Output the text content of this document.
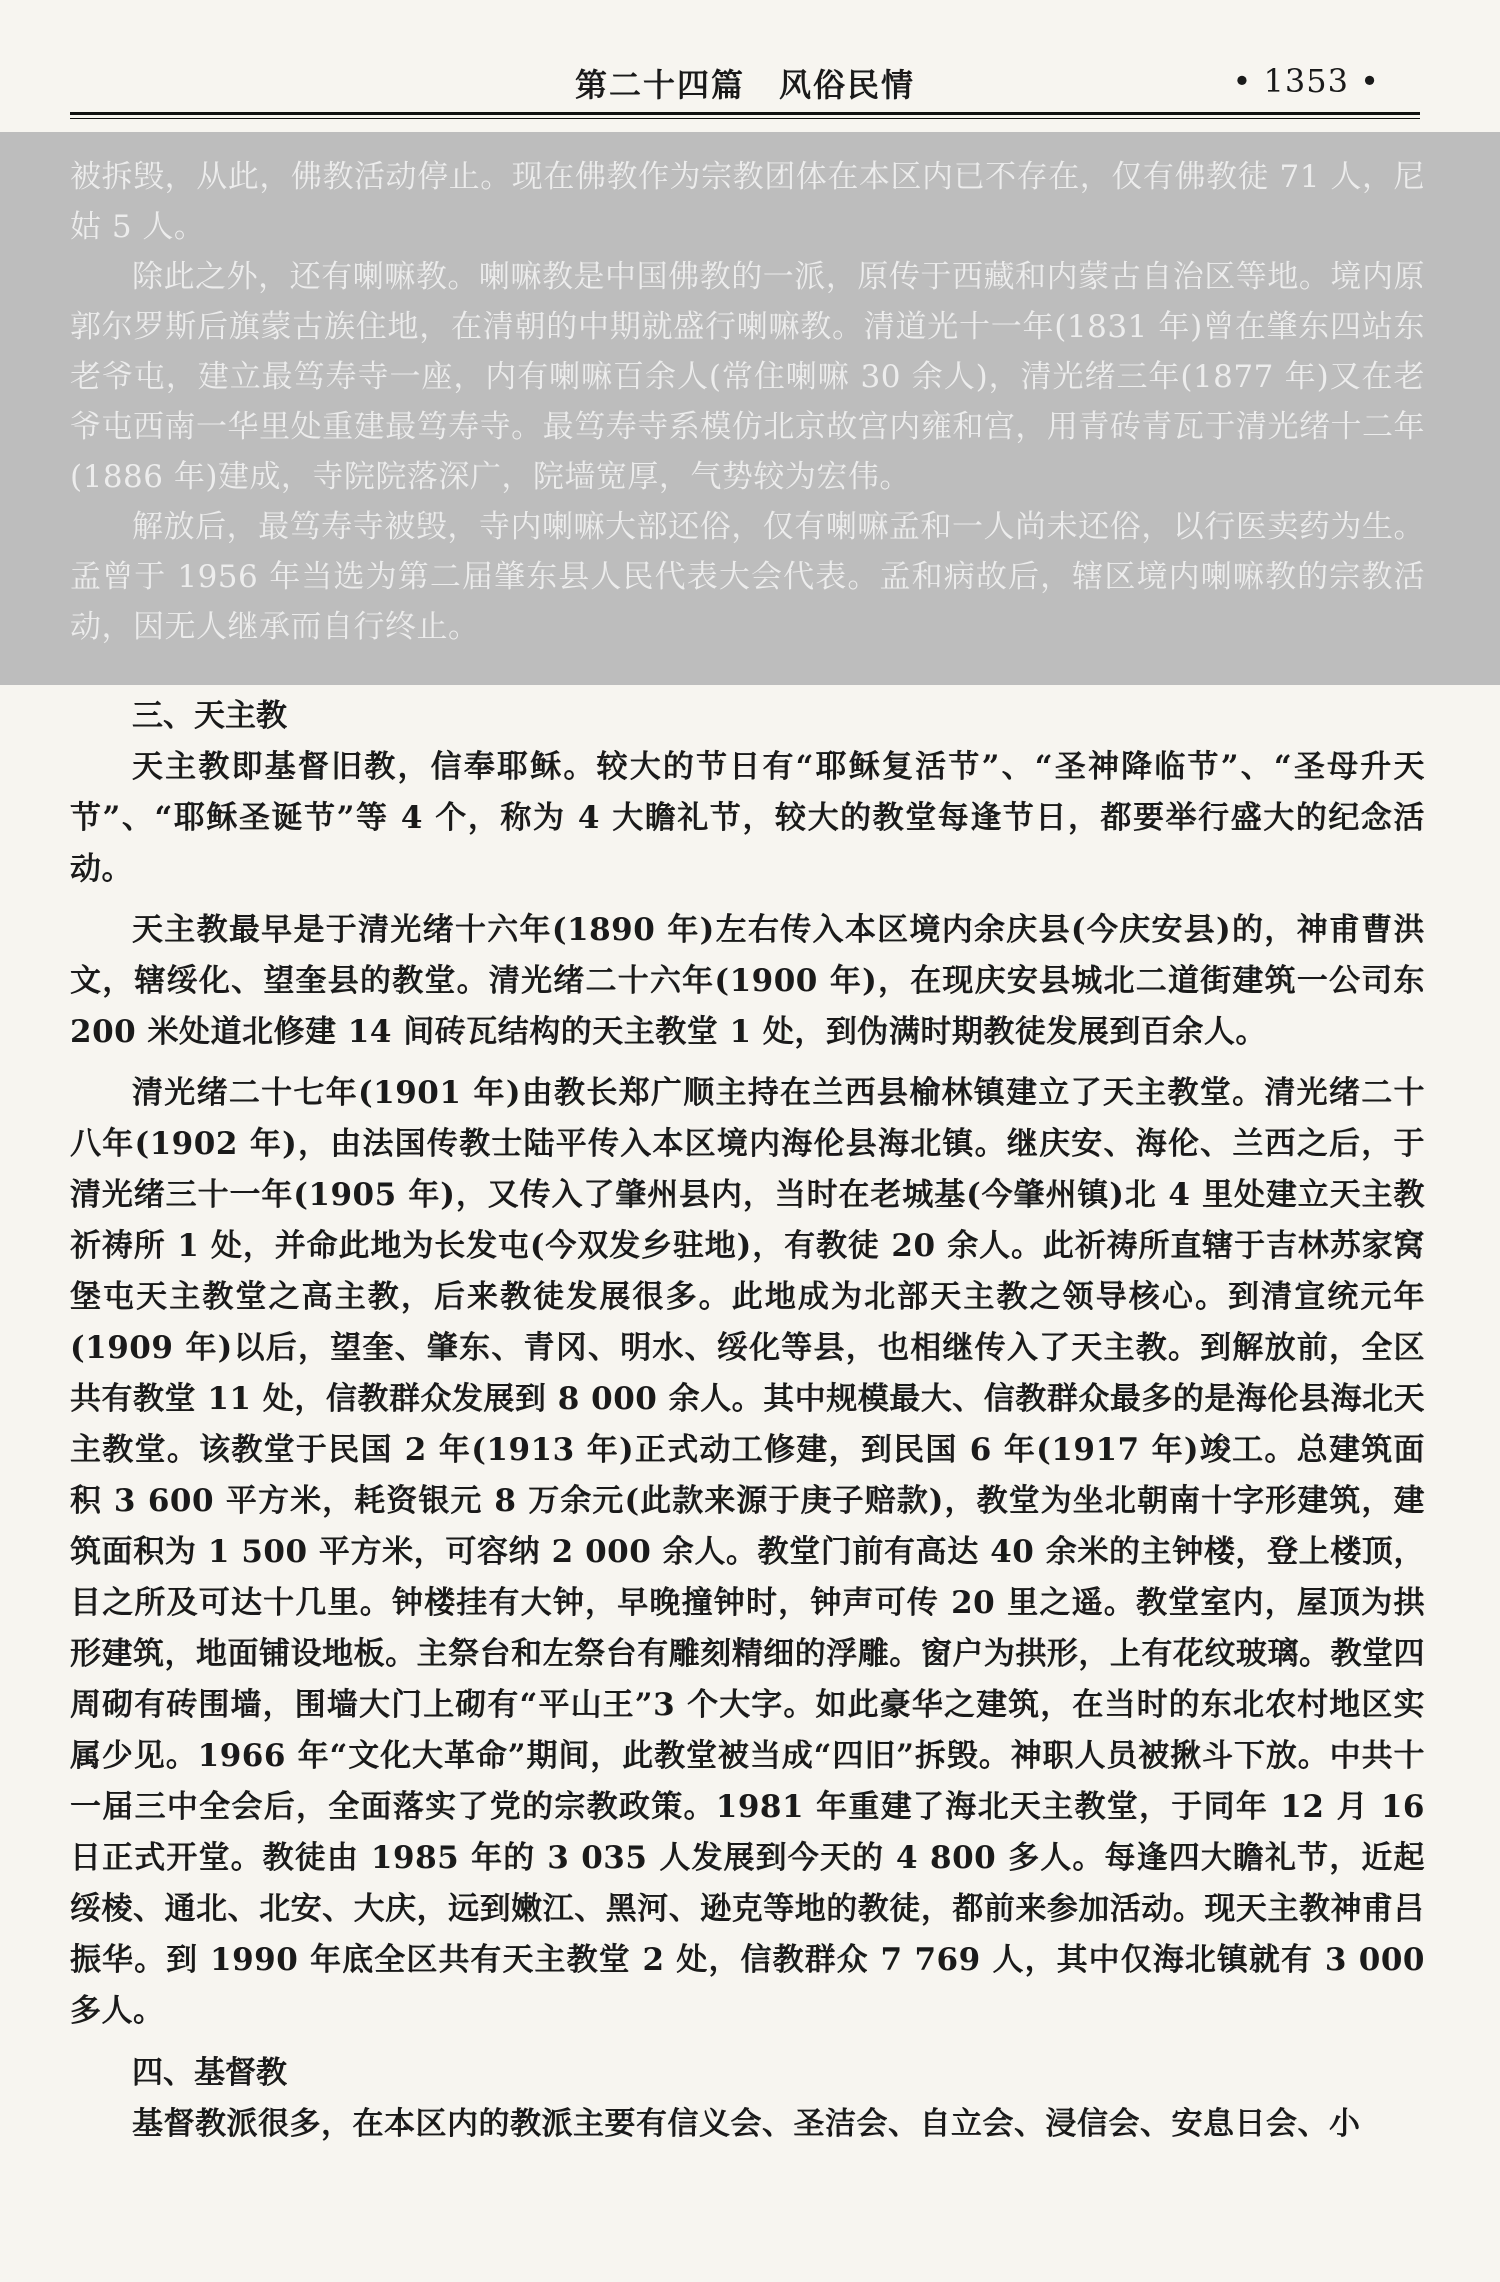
第二十四篇　风俗民情	• 1353 •

被拆毁，从此，佛教活动停止。现在佛教作为宗教团体在本区内已不存在，仅有佛教徒 71 人，尼姑 5 人。

除此之外，还有喇嘛教。喇嘛教是中国佛教的一派，原传于西藏和内蒙古自治区等地。境内原郭尔罗斯后旗蒙古族住地，在清朝的中期就盛行喇嘛教。清道光十一年(1831 年)曾在肇东四站东老爷屯，建立最笃寿寺一座，内有喇嘛百余人(常住喇嘛 30 余人)，清光绪三年(1877 年)又在老爷屯西南一华里处重建最笃寿寺。最笃寿寺系模仿北京故宫内雍和宫，用青砖青瓦于清光绪十二年(1886 年)建成，寺院院落深广，院墙宽厚，气势较为宏伟。

解放后，最笃寿寺被毁，寺内喇嘛大部还俗，仅有喇嘛孟和一人尚未还俗，以行医卖药为生。孟曾于 1956 年当选为第二届肇东县人民代表大会代表。孟和病故后，辖区境内喇嘛教的宗教活动，因无人继承而自行终止。

三、天主教

天主教即基督旧教，信奉耶稣。较大的节日有“耶稣复活节”、“圣神降临节”、“圣母升天节”、“耶稣圣诞节”等 4 个，称为 4 大瞻礼节，较大的教堂每逢节日，都要举行盛大的纪念活动。

天主教最早是于清光绪十六年(1890 年)左右传入本区境内余庆县(今庆安县)的，神甫曹洪文，辖绥化、望奎县的教堂。清光绪二十六年(1900 年)，在现庆安县城北二道街建筑一公司东 200 米处道北修建 14 间砖瓦结构的天主教堂 1 处，到伪满时期教徒发展到百余人。

清光绪二十七年(1901 年)由教长郑广顺主持在兰西县榆林镇建立了天主教堂。清光绪二十八年(1902 年)，由法国传教士陆平传入本区境内海伦县海北镇。继庆安、海伦、兰西之后，于清光绪三十一年(1905 年)，又传入了肇州县内，当时在老城基(今肇州镇)北 4 里处建立天主教祈祷所 1 处，并命此地为长发屯(今双发乡驻地)，有教徒 20 余人。此祈祷所直辖于吉林苏家窝堡屯天主教堂之高主教，后来教徒发展很多。此地成为北部天主教之领导核心。到清宣统元年(1909 年)以后，望奎、肇东、青冈、明水、绥化等县，也相继传入了天主教。到解放前，全区共有教堂 11 处，信教群众发展到 8 000 余人。其中规模最大、信教群众最多的是海伦县海北天主教堂。该教堂于民国 2 年(1913 年)正式动工修建，到民国 6 年(1917 年)竣工。总建筑面积 3 600 平方米，耗资银元 8 万余元(此款来源于庚子赔款)，教堂为坐北朝南十字形建筑，建筑面积为 1 500 平方米，可容纳 2 000 余人。教堂门前有高达 40 余米的主钟楼，登上楼顶，目之所及可达十几里。钟楼挂有大钟，早晚撞钟时，钟声可传 20 里之遥。教堂室内，屋顶为拱形建筑，地面铺设地板。主祭台和左祭台有雕刻精细的浮雕。窗户为拱形，上有花纹玻璃。教堂四周砌有砖围墙，围墙大门上砌有“平山王”3 个大字。如此豪华之建筑，在当时的东北农村地区实属少见。1966 年“文化大革命”期间，此教堂被当成“四旧”拆毁。神职人员被揪斗下放。中共十一届三中全会后，全面落实了党的宗教政策。1981 年重建了海北天主教堂，于同年 12 月 16 日正式开堂。教徒由 1985 年的 3 035 人发展到今天的 4 800 多人。每逢四大瞻礼节，近起绥棱、通北、北安、大庆，远到嫩江、黑河、逊克等地的教徒，都前来参加活动。现天主教神甫吕振华。到 1990 年底全区共有天主教堂 2 处，信教群众 7 769 人，其中仅海北镇就有 3 000 多人。

四、基督教

基督教派很多，在本区内的教派主要有信义会、圣洁会、自立会、浸信会、安息日会、小
